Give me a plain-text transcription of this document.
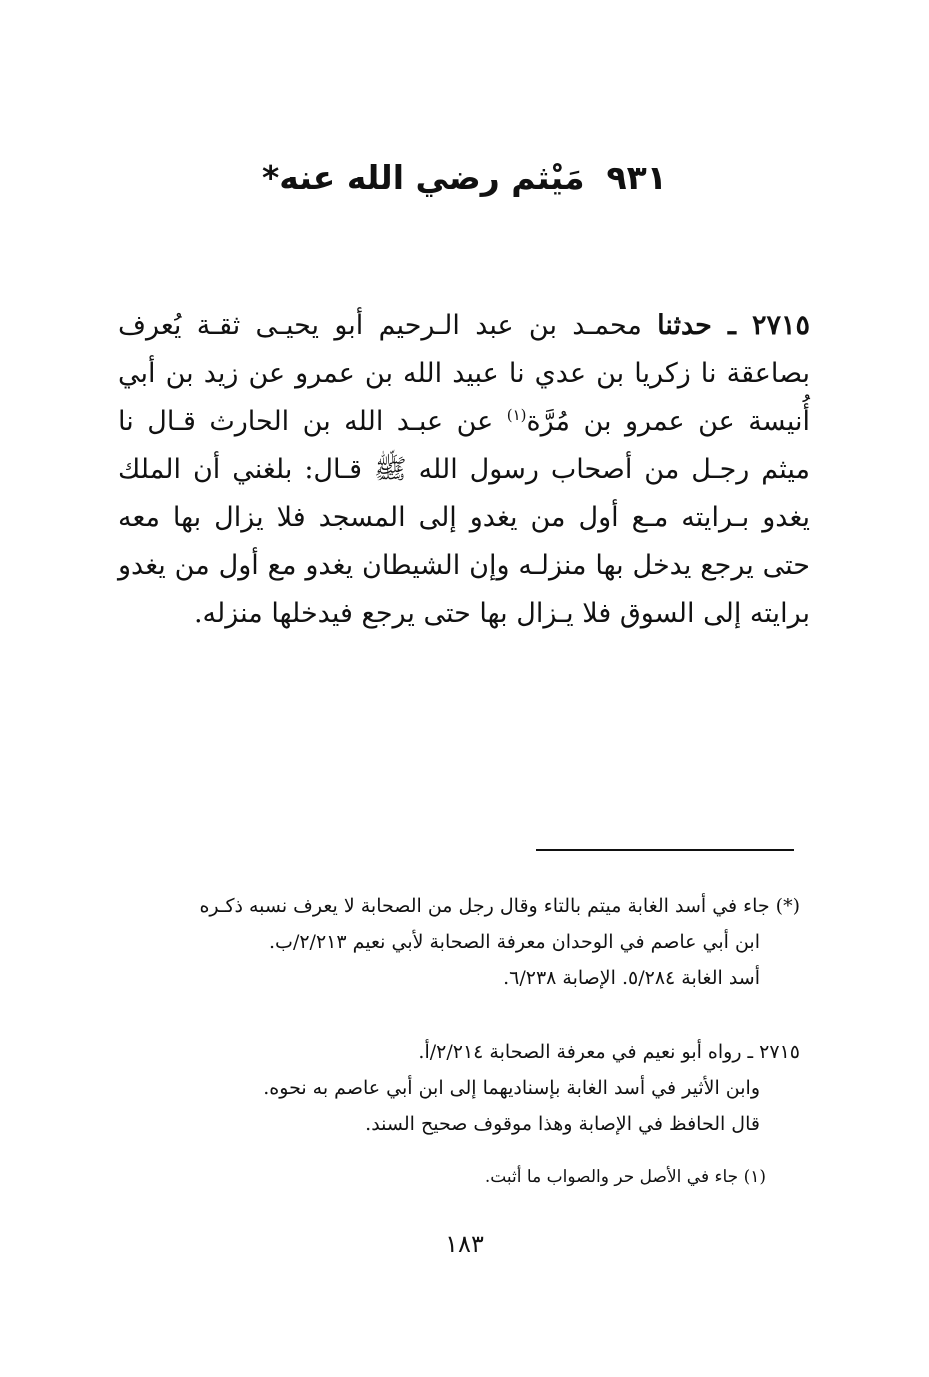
٩٣١مَيْثم رضي الله عنه*
٢٧١٥ ـ حدثنا محمـد بن عبد الـرحيم أبو يحيـى ثقـة يُعرف بصاعقة نا زكريا بن عدي نا عبيد الله بن عمرو عن زيد بن أبي أُنيسة عن عمرو بن مُرَّة$^{(١)}$ عن عبـد الله بن الحارث قـال نا ميثم رجـل من أصحاب رسول الله ﷺ قـال: بلغني أن الملك يغدو بـرايته مـع أول من يغدو إلى المسجد فلا يزال بها معه حتى يرجع يدخل بها منزلـه وإن الشيطان يغدو مع أول من يغدو برايته إلى السوق فلا يـزال بها حتى يرجع فيدخلها منزله.
(*) جاء في أسد الغابة ميتم بالتاء وقال رجل من الصحابة لا يعرف نسبه ذكـره
ابن أبي عاصم في الوحدان معرفة الصحابة لأبي نعيم ٢/٢١٣/ب.
أسد الغابة ٥/٢٨٤. الإصابة ٦/٢٣٨.
٢٧١٥ ـ رواه أبو نعيم في معرفة الصحابة ٢/٢١٤/أ.
وابن الأثير في أسد الغابة بإسناديهما إلى ابن أبي عاصم به نحوه.
قال الحافظ في الإصابة وهذا موقوف صحيح السند.
(١) جاء في الأصل حر والصواب ما أثبت.
١٨٣
